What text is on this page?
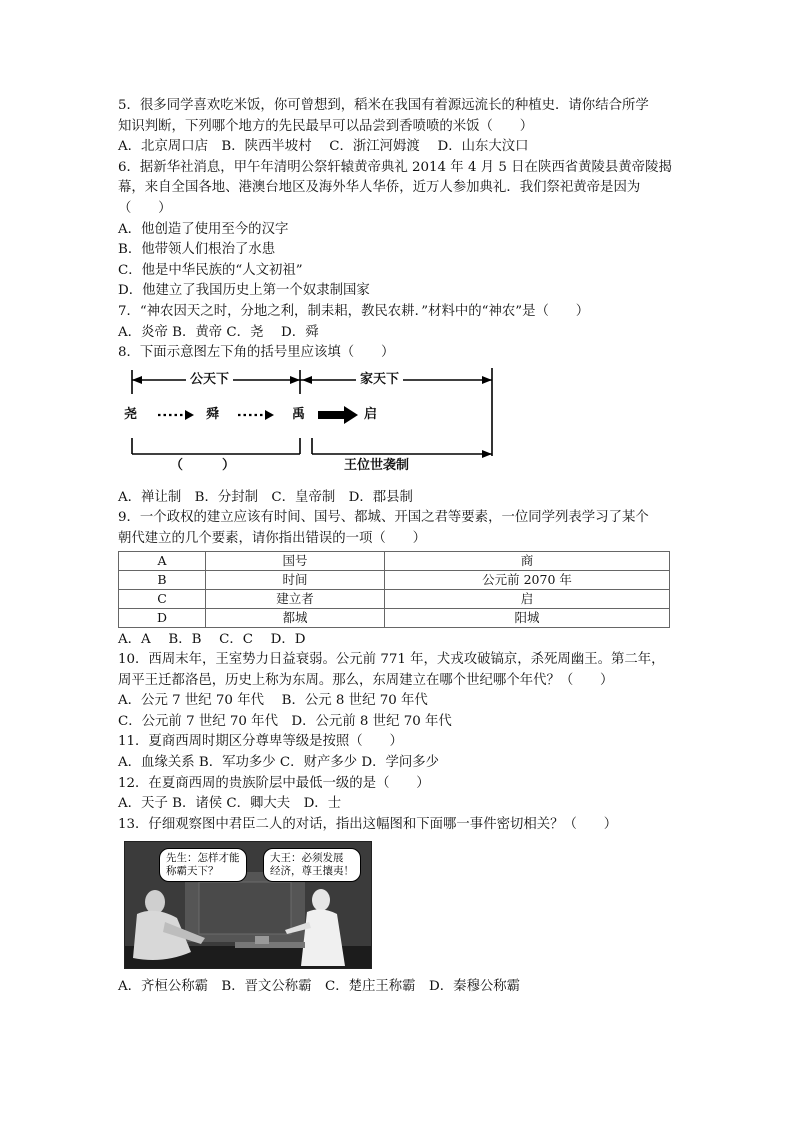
5．很多同学喜欢吃米饭，你可曾想到，稻米在我国有着源远流长的种植史．请你结合所学
知识判断，下列哪个地方的先民最早可以品尝到香喷喷的米饭（　　）
A．北京周口店　B．陕西半坡村　 C．浙江河姆渡　 D．山东大汶口
6．据新华社消息，甲午年清明公祭轩辕黄帝典礼 2014 年 4 月 5 日在陕西省黄陵县黄帝陵揭
幕，来自全国各地、港澳台地区及海外华人华侨，近万人参加典礼．我们祭祀黄帝是因为
（　　）
A．他创造了使用至今的汉字
B．他带领人们根治了水患
C．他是中华民族的“人文初祖”
D．他建立了我国历史上第一个奴隶制国家
7．“神农因天之时，分地之利，制耒耜，教民农耕．”材料中的“神农”是（　　）
A．炎帝 B．黄帝 C．尧　 D．舜
8．下面示意图左下角的括号里应该填（　　）
公天下	家天下
尧	舜	禹	启
（　　　）	王位世袭制
A．禅让制　B．分封制　C．皇帝制　D．郡县制
9．一个政权的建立应该有时间、国号、都城、开国之君等要素，一位同学列表学习了某个
朝代建立的几个要素，请你指出错误的一项（　　）
A	国号	商
B	时间	公元前 2070 年
C	建立者	启
D	都城	阳城
A．A　 B．B　 C．C　 D．D
10．西周末年，王室势力日益衰弱。公元前 771 年，犬戎攻破镐京，杀死周幽王。第二年，
周平王迁都洛邑，历史上称为东周。那么，东周建立在哪个世纪哪个年代？（　　）
A．公元 7 世纪 70 年代　 B．公元 8 世纪 70 年代
C．公元前 7 世纪 70 年代　D．公元前 8 世纪 70 年代
11．夏商西周时期区分尊卑等级是按照（　　）
A．血缘关系 B．军功多少 C．财产多少 D．学问多少
12．在夏商西周的贵族阶层中最低一级的是（　　）
A．天子 B．诸侯 C．卿大夫　D．士
13．仔细观察图中君臣二人的对话，指出这幅图和下面哪一事件密切相关？（　　）
先生：怎样才能
称霸天下？
大王：必须发展
经济，尊王攘夷！
A．齐桓公称霸　B．晋文公称霸　C．楚庄王称霸　D．秦穆公称霸
